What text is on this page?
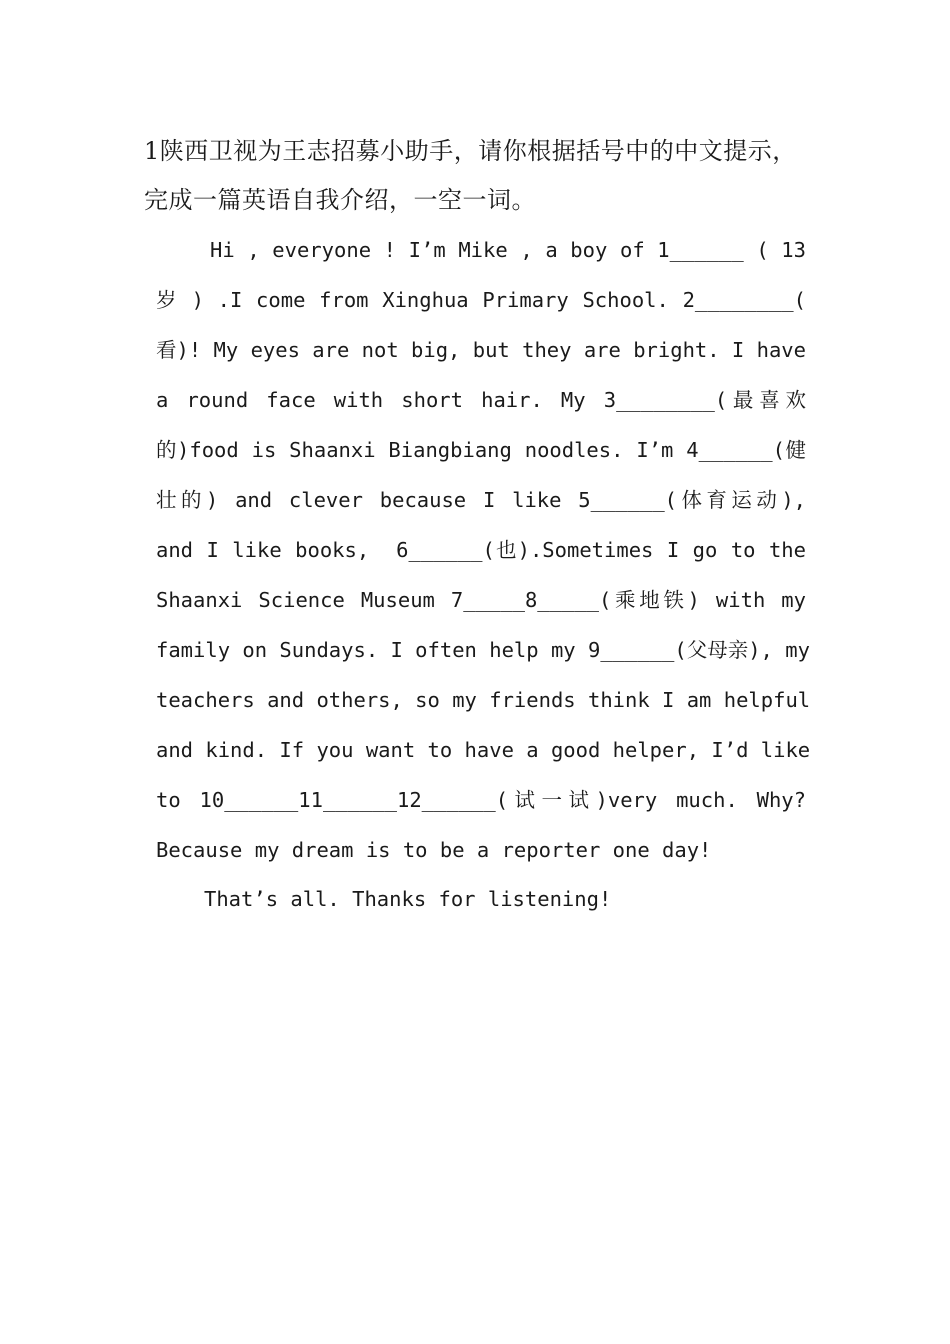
1陕西卫视为王志招募小助手，请你根据括号中的中文提示，
完成一篇英语自我介绍，一空一词。
Hi , everyone ! I’m Mike , a boy of 1______ ( 13
岁 ) .I come from Xinghua Primary School. 2________(
看)! My eyes are not big, but they are bright. I have
a round face with short hair. My 3________(最喜欢
的)food is Shaanxi Biangbiang noodles. I’m 4______(健
壮的) and clever because I like 5______(体育运动),
and I like books,  6______(也).Sometimes I go to the
Shaanxi Science Museum 7_____8_____(乘地铁) with my
family on Sundays. I often help my 9______(父母亲), my
teachers and others, so my friends think I am helpful
and kind. If you want to have a good helper, I’d like
to 10______11______12______(试一试)very much. Why?
Because my dream is to be a reporter one day!
That’s all. Thanks for listening!
